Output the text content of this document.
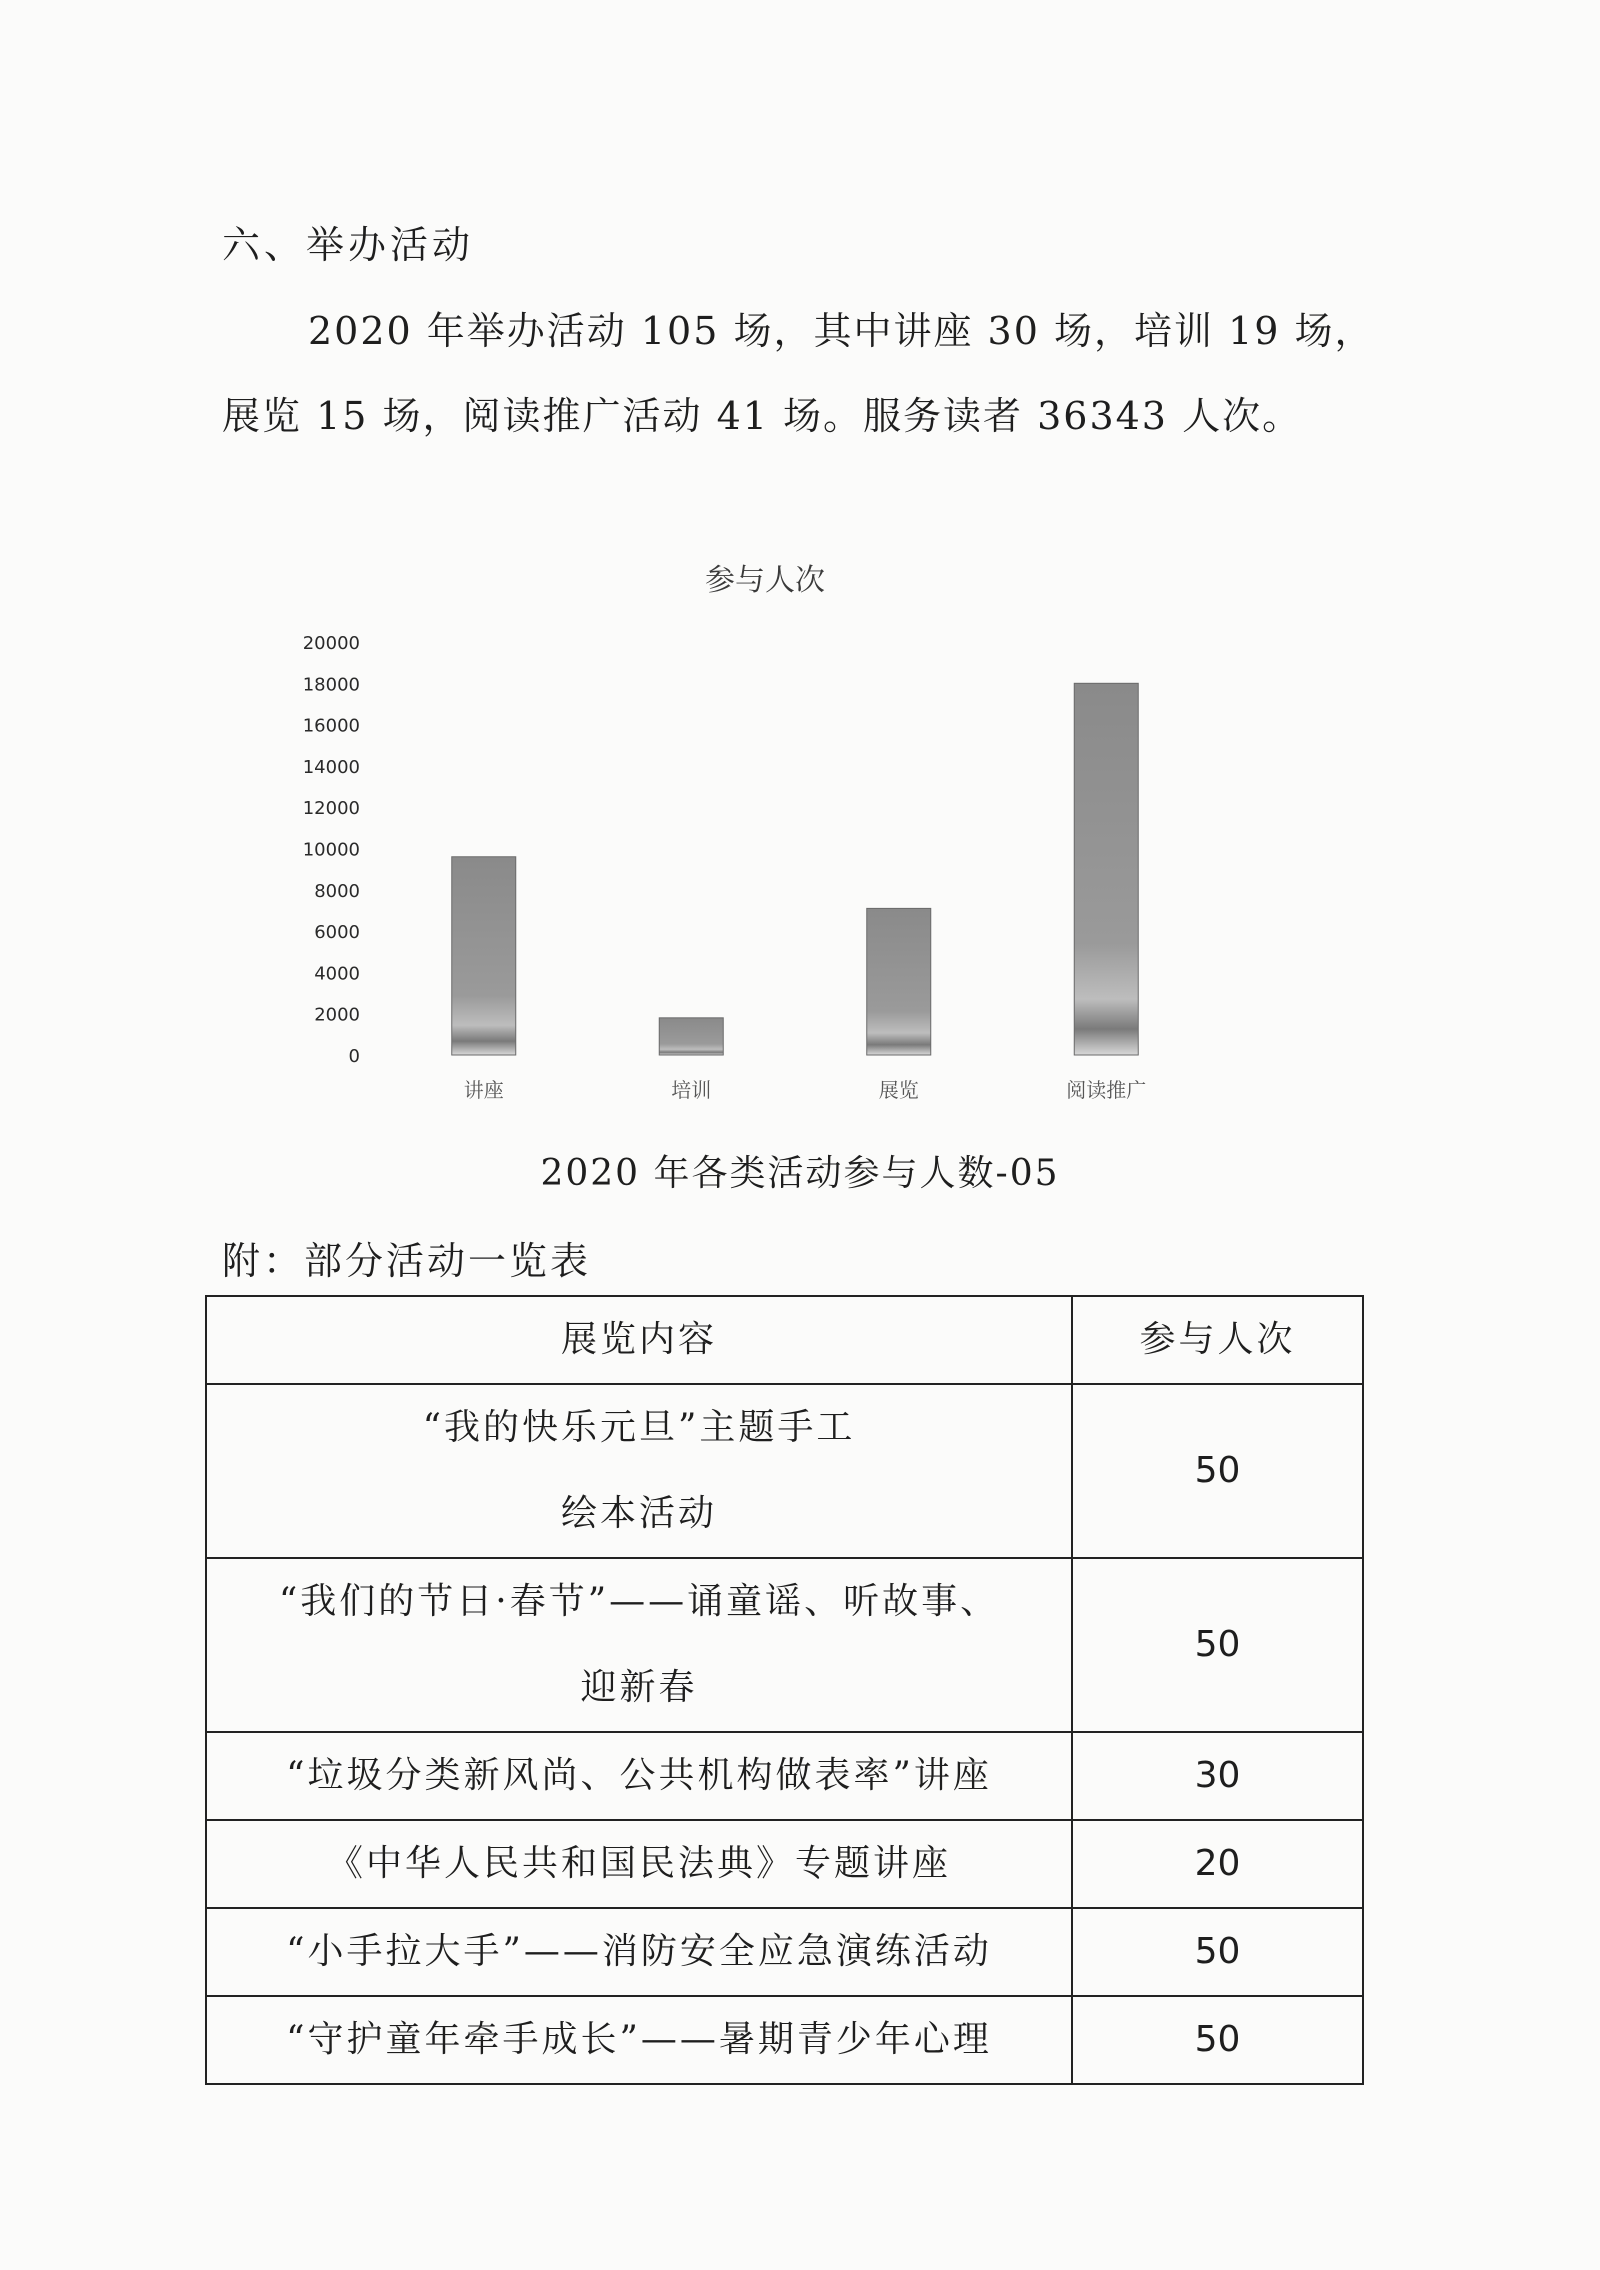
六、举办活动
2020 年举办活动 105 场，其中讲座 30 场，培训 19 场，
展览 15 场，阅读推广活动 41 场。服务读者 36343 人次。
参与人次
20000
18000
16000
14000
12000
10000
8000
6000
4000
2000
0
讲座	培训	展览	阅读推广
2020 年各类活动参与人数-05
附：部分活动一览表
展览内容	参与人次

“我的快乐元旦”主题手工
绘本活动	50

“我们的节日·春节”——诵童谣、听故事、
迎新春	50
“垃圾分类新风尚、公共机构做表率”讲座	30
《中华人民共和国民法典》专题讲座	20
“小手拉大手”——消防安全应急演练活动	50
“守护童年牵手成长”——暑期青少年心理	50
